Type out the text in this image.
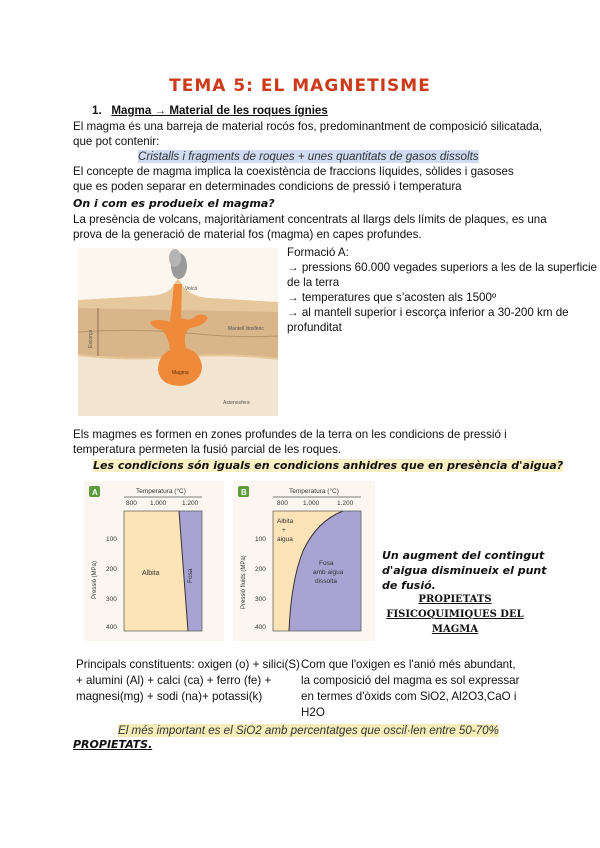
TEMA 5: EL MAGNETISME
1. Magma → Material de les roques ígnies
El magma és una barreja de material rocós fos, predominantment de composició silicatada,
que pot contenir:
Cristalls i fragments de roques + unes quantitats de gasos dissolts
El concepte de magma implica la coexistència de fraccions líquides, sòlides i gasoses
que es poden separar en determinades condicions de pressió i temperatura
On i com es produeix el magma?
La presència de volcans, majoritàriament concentrats al llargs dels límits de plaques, es una
prova de la generació de material fos (magma) en capes profundes.
Volcà
Escorça
Mantell litosfèric
Magma
Astenosfera
Formació A:
→ pressions 60.000 vegades superiors a les de la superficie
de la terra
→ temperatures que s’acosten als 1500º
→ al mantell superior i escorça inferior a 30-200 km de
profunditat
Els magmes es formen en zones profundes de la terra on les condicions de pressió i
temperatura permeten la fusió parcial de les roques.
Les condicions són iguals en condicions anhidres que en presència d'aigua?
A	Temperatura (°C)
800 1.000 1.200
100
200
300
400
Pressió (MPa)	Albita	Fosa
B	Temperatura (°C)
800 1.000	1.200
100
200
300
400
Pressió fluids (MPa)
Albita
+
aigua
Fosa
amb aigua
dissolta
Un augment del contingut
d'aigua disminueix el punt
de fusió.
PROPIETATS
FISICOQUIMIQUES DEL
MAGMA
Principals constituents: oxigen (o) + silici(S)
+ alumini (Al) + calci (ca) + ferro (fe) +
magnesi(mg) + sodi (na)+ potassi(k)
Com que l'oxigen es l'anió més abundant,
la composició del magma es sol expressar
en termes d'òxids com SiO2, Al2O3,CaO i
H2O
El més important es el SiO2 amb percentatges que oscil·len entre 50-70%
PROPIETATS.
